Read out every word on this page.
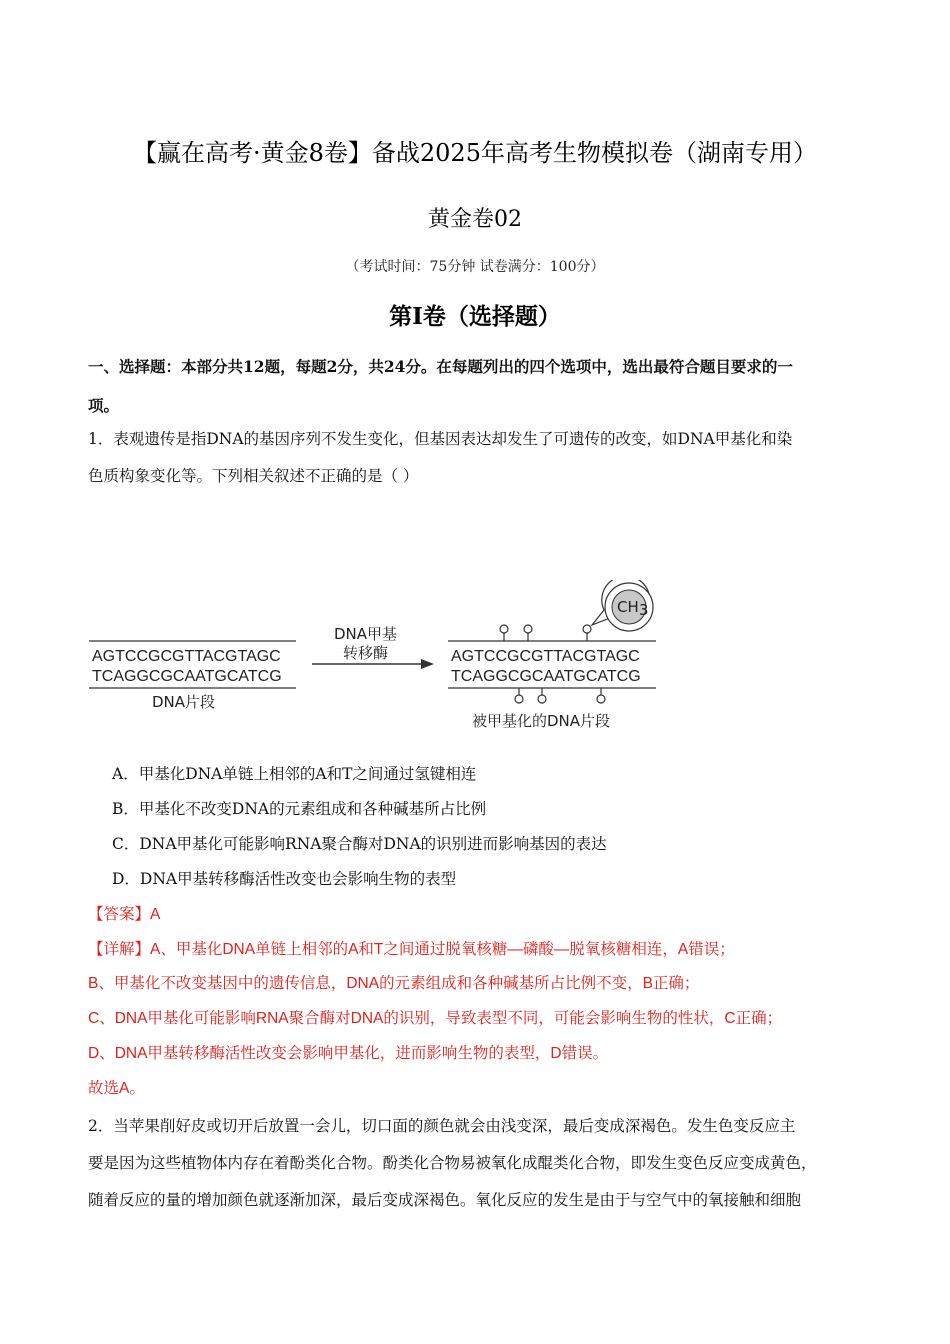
【赢在高考·黄金8卷】备战2025年高考生物模拟卷（湖南专用）
黄金卷02
（考试时间：75分钟 试卷满分：100分）
第I卷（选择题）
一、选择题：本部分共12题，每题2分，共24分。在每题列出的四个选项中，选出最符合题目要求的一
项。
1．表观遗传是指DNA的基因序列不发生变化，但基因表达却发生了可遗传的改变，如DNA甲基化和染
色质构象变化等。下列相关叙述不正确的是（ ）
AGTCCGCGTTACGTAGC
TCAGGCGCAATGCATCG
DNA片段
DNA甲基
转移酶	AGTCCGCGTTACGTAGC
TCAGGCGCAATGCATCG
CH 3
被甲基化的DNA片段
A．甲基化DNA单链上相邻的A和T之间通过氢键相连
B．甲基化不改变DNA的元素组成和各种碱基所占比例
C．DNA甲基化可能影响RNA聚合酶对DNA的识别进而影响基因的表达
D．DNA甲基转移酶活性改变也会影响生物的表型
【答案】A
【详解】A、甲基化DNA单链上相邻的A和T之间通过脱氧核糖—磷酸—脱氧核糖相连，A错误；
B、甲基化不改变基因中的遗传信息，DNA的元素组成和各种碱基所占比例不变，B正确；
C、DNA甲基化可能影响RNA聚合酶对DNA的识别，导致表型不同，可能会影响生物的性状，C正确；
D、DNA甲基转移酶活性改变会影响甲基化，进而影响生物的表型，D错误。
故选A。
2．当苹果削好皮或切开后放置一会儿，切口面的颜色就会由浅变深，最后变成深褐色。发生色变反应主
要是因为这些植物体内存在着酚类化合物。酚类化合物易被氧化成醌类化合物，即发生变色反应变成黄色，
随着反应的量的增加颜色就逐渐加深，最后变成深褐色。氧化反应的发生是由于与空气中的氧接触和细胞
